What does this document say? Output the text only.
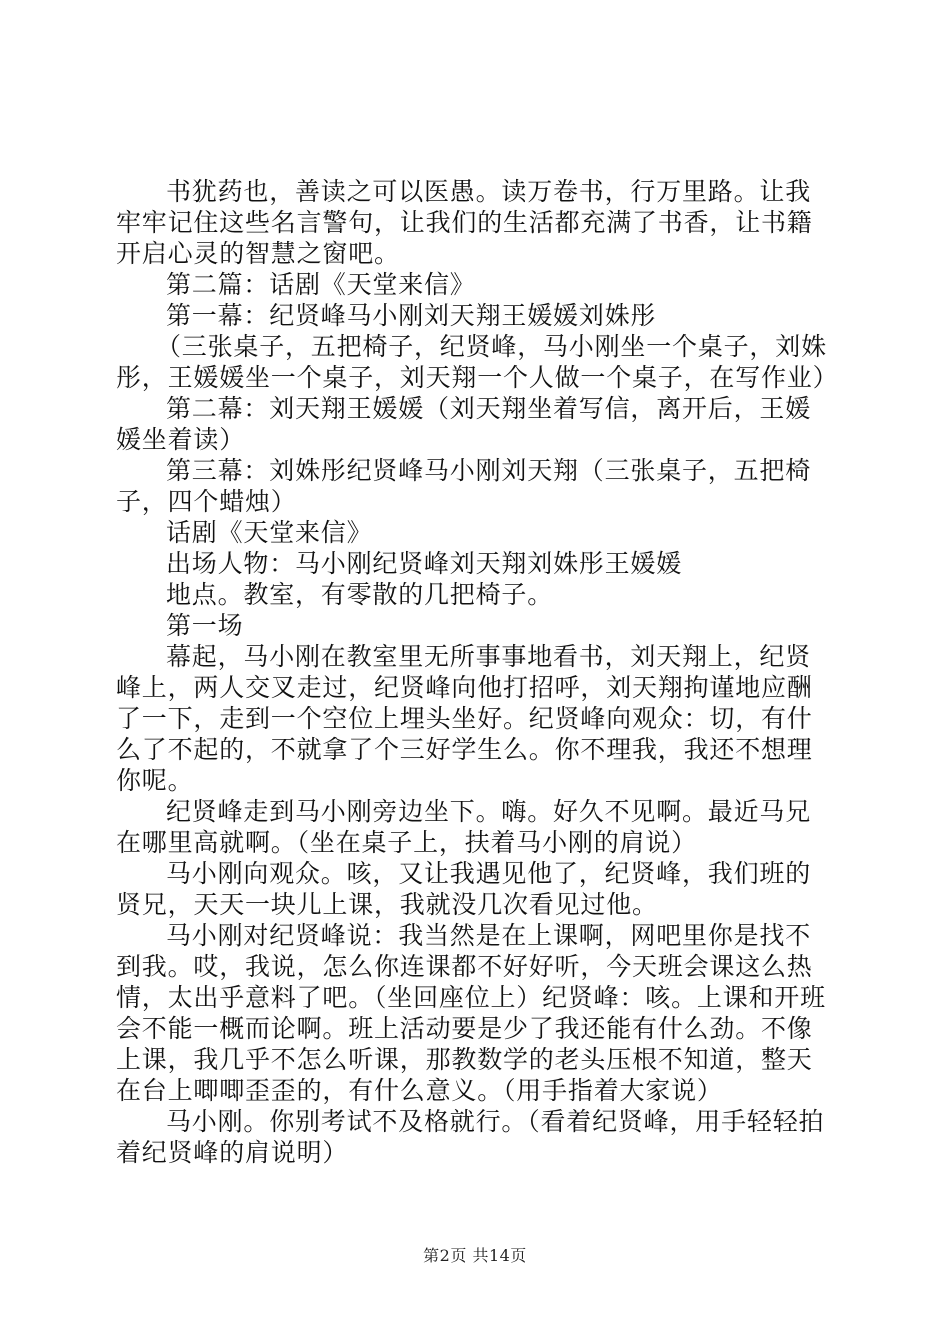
书犹药也，善读之可以医愚。读万卷书，行万里路。让我牢牢记住这些名言警句，让我们的生活都充满了书香，让书籍开启心灵的智慧之窗吧。

第二篇：话剧《天堂来信》

第一幕：纪贤峰马小刚刘天翔王媛媛刘姝彤

（三张桌子，五把椅子，纪贤峰，马小刚坐一个桌子，刘姝彤，王媛媛坐一个桌子，刘天翔一个人做一个桌子，在写作业）

第二幕：刘天翔王媛媛（刘天翔坐着写信，离开后，王媛媛坐着读）

第三幕：刘姝彤纪贤峰马小刚刘天翔（三张桌子，五把椅子，四个蜡烛）

话剧《天堂来信》

出场人物：马小刚纪贤峰刘天翔刘姝彤王媛媛

地点。教室，有零散的几把椅子。

第一场

幕起，马小刚在教室里无所事事地看书，刘天翔上，纪贤峰上，两人交叉走过，纪贤峰向他打招呼，刘天翔拘谨地应酬了一下，走到一个空位上埋头坐好。纪贤峰向观众：切，有什么了不起的，不就拿了个三好学生么。你不理我，我还不想理你呢。

纪贤峰走到马小刚旁边坐下。嗨。好久不见啊。最近马兄在哪里高就啊。（坐在桌子上，扶着马小刚的肩说）

马小刚向观众。咳，又让我遇见他了，纪贤峰，我们班的贤兄，天天一块儿上课，我就没几次看见过他。

马小刚对纪贤峰说：我当然是在上课啊，网吧里你是找不到我。哎，我说，怎么你连课都不好好听，今天班会课这么热情，太出乎意料了吧。（坐回座位上）纪贤峰：咳。上课和开班会不能一概而论啊。班上活动要是少了我还能有什么劲。不像上课，我几乎不怎么听课，那教数学的老头压根不知道，整天在台上唧唧歪歪的，有什么意义。（用手指着大家说）

马小刚。你别考试不及格就行。（看着纪贤峰，用手轻轻拍着纪贤峰的肩说明）

第2页 共14页
